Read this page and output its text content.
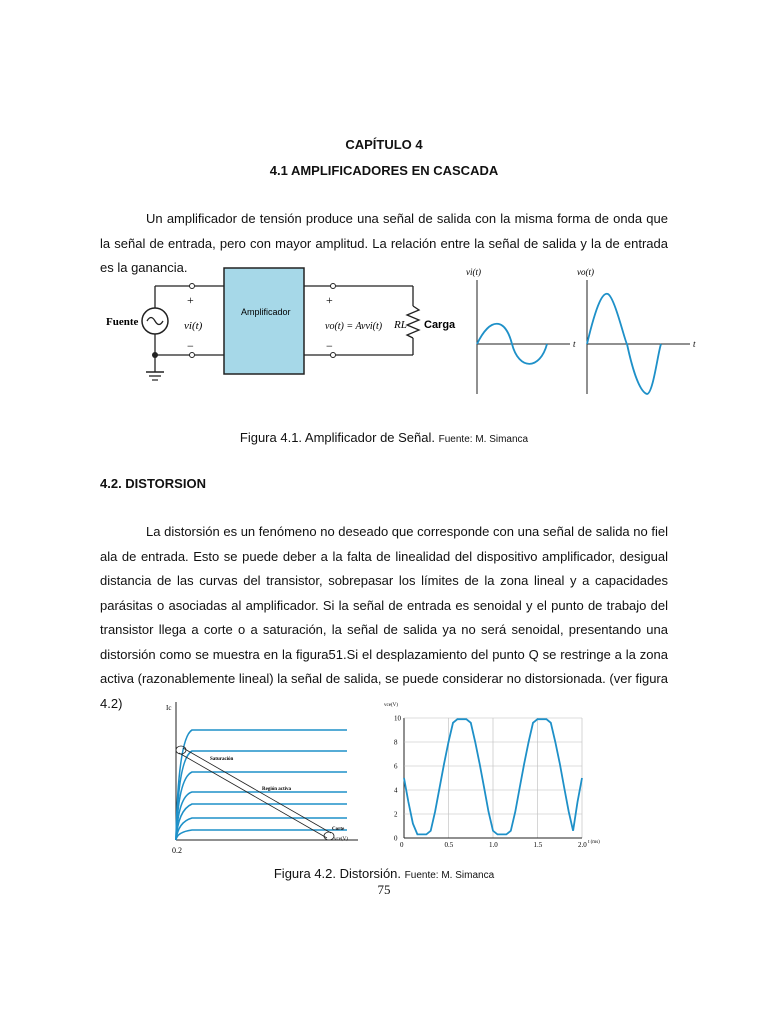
CAPÍTULO 4
4.1 AMPLIFICADORES EN CASCADA
Un amplificador de tensión produce una señal de salida con la misma forma de onda que la señal de entrada, pero con mayor amplitud. La relación entre la señal de salida y la de entrada es la ganancia.
Fuente
+
−
vi(t)
Amplificador
+
−
vo(t) = Avvi(t) RL Carga
vi(t)
t
vo(t)
t
Figura 4.1. Amplificador de Señal. Fuente: M. Simanca
4.2. DISTORSION
La distorsión es un fenómeno no deseado que corresponde con una señal de salida no fiel ala de entrada. Esto se puede deber a la falta de linealidad del dispositivo amplificador, desigual distancia de las curvas del transistor, sobrepasar los límites de la zona lineal y a capacidades parásitas o asociadas al amplificador. Si la señal de entrada es senoidal y el punto de trabajo del transistor llega a corte o a saturación, la señal de salida ya no será senoidal, presentando una distorsión como se muestra en la figura51.Si el desplazamiento del punto Q se restringe a la zona activa (razonablemente lineal) la señal de salida, se puede considerar no distorsionada. (ver figura 4.2)	Ic
0.2
vce(V)
Saturación
Región activa
Corte
0	0.5	1.0	1.5	2.0
0
2
4
6
8
10
vce(V)
t (ms)
Figura 4.2. Distorsión. Fuente: M. Simanca
75
